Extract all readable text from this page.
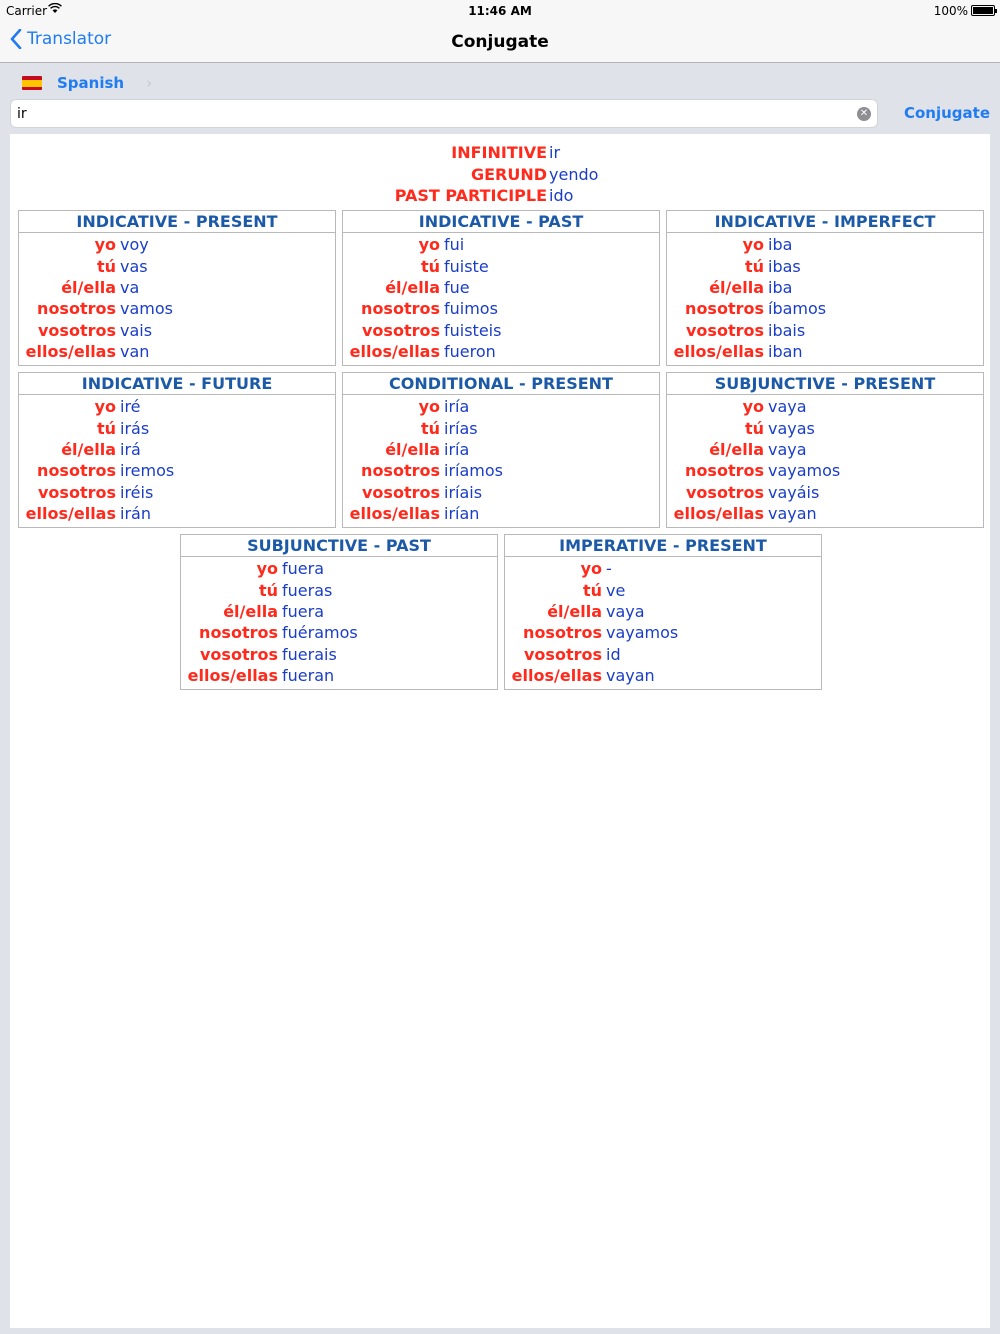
Carrier	11:46 AM	100%
Translator	Conjugate
Spanish ›
ir
✕ Conjugate
INFINITIVE ir
GERUND yendo
PAST PARTICIPLE ido
INDICATIVE - PRESENT
yo voy
tú vas
él/ella va
nosotros vamos
vosotros vais
ellos/ellas van
INDICATIVE - PAST
yo fui
tú fuiste
él/ella fue
nosotros fuimos
vosotros fuisteis
ellos/ellas fueron
INDICATIVE - IMPERFECT
yo iba
tú ibas
él/ella iba
nosotros íbamos
vosotros ibais
ellos/ellas iban
INDICATIVE - FUTURE
yo iré
tú irás
él/ella irá
nosotros iremos
vosotros iréis
ellos/ellas irán
CONDITIONAL - PRESENT
yo iría
tú irías
él/ella iría
nosotros iríamos
vosotros iríais
ellos/ellas irían
SUBJUNCTIVE - PRESENT
yo vaya
tú vayas
él/ella vaya
nosotros vayamos
vosotros vayáis
ellos/ellas vayan
SUBJUNCTIVE - PAST
yo fuera
tú fueras
él/ella fuera
nosotros fuéramos
vosotros fuerais
ellos/ellas fueran
IMPERATIVE - PRESENT
yo -
tú ve
él/ella vaya
nosotros vayamos
vosotros id
ellos/ellas vayan
